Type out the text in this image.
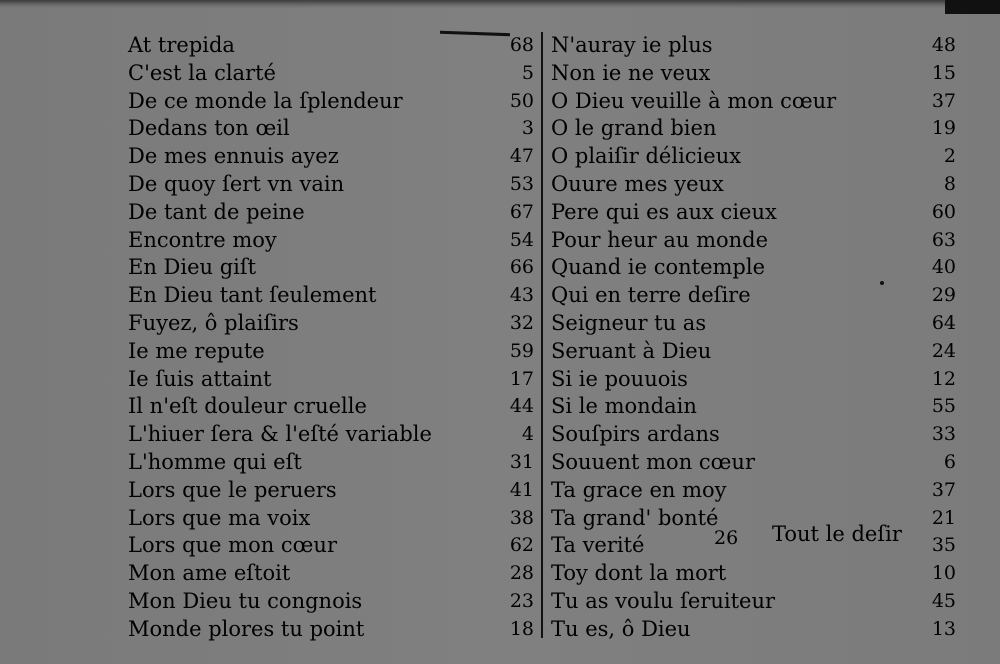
At trepida	68
C'est la clarté	5
De ce monde la ſplendeur	50
Dedans ton œil	3
De mes ennuis ayez	47
De quoy ſert vn vain	53
De tant de peine	67
Encontre moy	54
En Dieu giſt	66
En Dieu tant ſeulement	43
Fuyez, ô plaiſirs	32
Ie me repute	59
Ie ſuis attaint	17
Il n'eſt douleur cruelle	44
L'hiuer ſera & l'eſté variable	4
L'homme qui eſt	31
Lors que le peruers	41
Lors que ma voix	38
Lors que mon cœur	62
Mon ame eſtoit	28
Mon Dieu tu congnois	23
Monde plores tu point	18
N'auray ie plus	48
Non ie ne veux	15
O Dieu veuille à mon cœur	37
O le grand bien	19
O plaiſir délicieux	2
Ouure mes yeux	8
Pere qui es aux cieux	60
Pour heur au monde	63
Quand ie contemple	40
Qui en terre deſire	29
Seigneur tu as	64
Seruant à Dieu	24
Si ie pouuois	12
Si le mondain	55
Souſpirs ardans	33
Souuent mon cœur	6
Ta grace en moy	37
Ta grand' bonté	21
Ta verité	35
Toy dont la mort	10
Tu as voulu ſeruiteur	45
Tu es, ô Dieu	13
26 Tout le deſir
